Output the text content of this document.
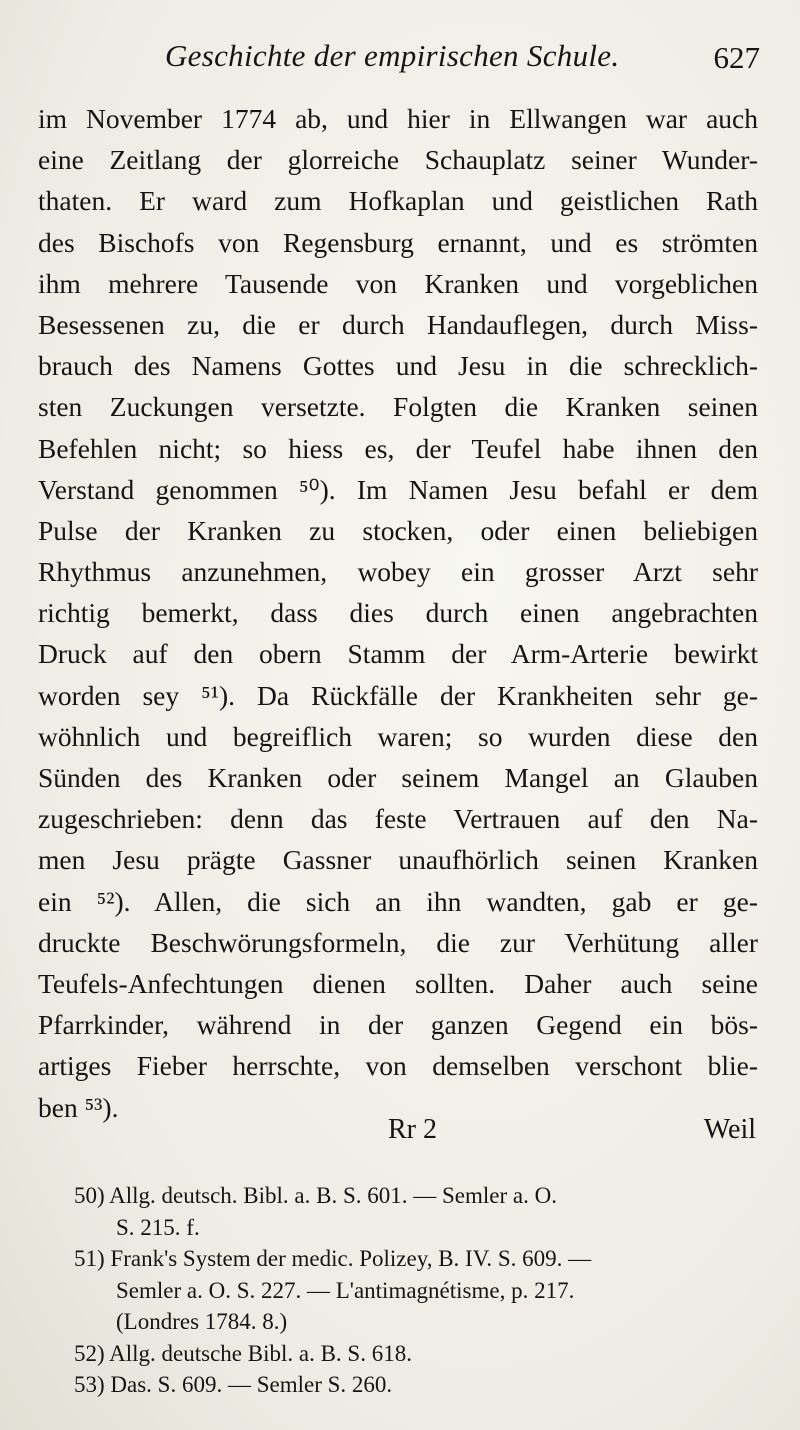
Geschichte der empirischen Schule.	627
im November 1774 ab, und hier in Ellwangen war auch
eine Zeitlang der glorreiche Schauplatz seiner Wunder-
thaten. Er ward zum Hofkaplan und geistlichen Rath
des Bischofs von Regensburg ernannt, und es strömten
ihm mehrere Tausende von Kranken und vorgeblichen
Besessenen zu, die er durch Handauflegen, durch Miss-
brauch des Namens Gottes und Jesu in die schrecklich-
sten Zuckungen versetzte. Folgten die Kranken seinen
Befehlen nicht; so hiess es, der Teufel habe ihnen den
Verstand genommen ⁵⁰). Im Namen Jesu befahl er dem
Pulse der Kranken zu stocken, oder einen beliebigen
Rhythmus anzunehmen, wobey ein grosser Arzt sehr
richtig bemerkt, dass dies durch einen angebrachten
Druck auf den obern Stamm der Arm-Arterie bewirkt
worden sey ⁵¹). Da Rückfälle der Krankheiten sehr ge-
wöhnlich und begreiflich waren; so wurden diese den
Sünden des Kranken oder seinem Mangel an Glauben
zugeschrieben: denn das feste Vertrauen auf den Na-
men Jesu prägte Gassner unaufhörlich seinen Kranken
ein ⁵²). Allen, die sich an ihn wandten, gab er ge-
druckte Beschwörungsformeln, die zur Verhütung aller
Teufels-Anfechtungen dienen sollten. Daher auch seine
Pfarrkinder, während in der ganzen Gegend ein bös-
artiges Fieber herrschte, von demselben verschont blie-
ben ⁵³).
Rr 2	Weil
50) Allg. deutsch. Bibl. a. B. S. 601. — Semler a. O.
S. 215. f.
51) Frank's System der medic. Polizey, B. IV. S. 609. —
Semler a. O. S. 227. — L'antimagnétisme, p. 217.
(Londres 1784. 8.)
52) Allg. deutsche Bibl. a. B. S. 618.
53) Das. S. 609. — Semler S. 260.
